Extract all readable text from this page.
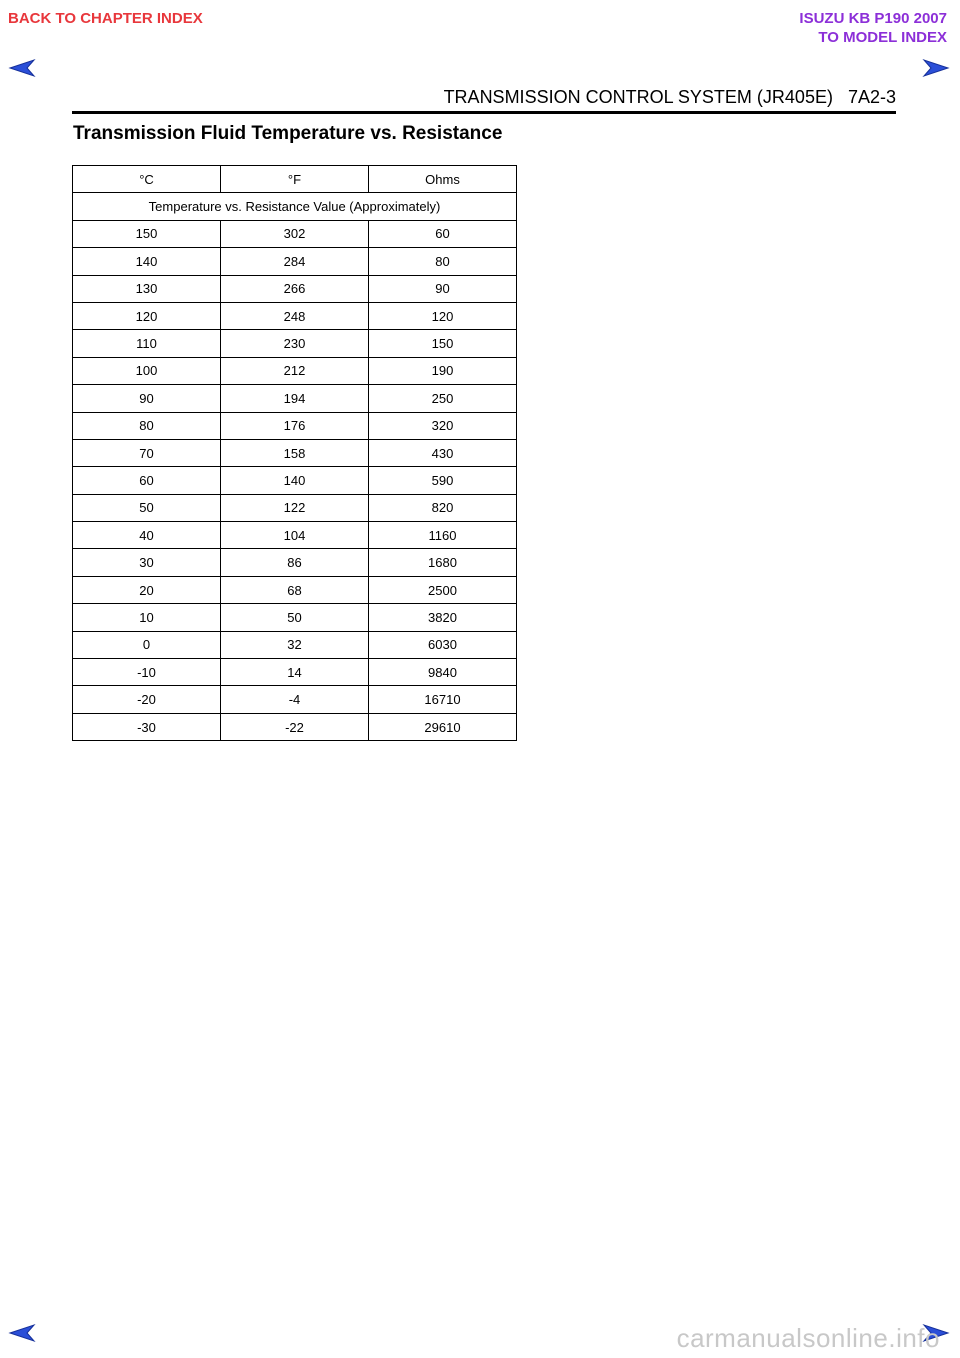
BACK TO CHAPTER INDEX	ISUZU KB P190 2007
TO MODEL INDEX
TRANSMISSION CONTROL SYSTEM (JR405E)   7A2-3
Transmission Fluid Temperature vs. Resistance
°C	°F	Ohms
Temperature vs. Resistance Value (Approximately)		
150	302	60
140	284	80
130	266	90
120	248	120
110	230	150
100	212	190
90	194	250
80	176	320
70	158	430
60	140	590
50	122	820
40	104	1160
30	86	1680
20	68	2500
10	50	3820
0	32	6030
-10	14	9840
-20	-4	16710
-30	-22	29610
carmanualsonline.info
